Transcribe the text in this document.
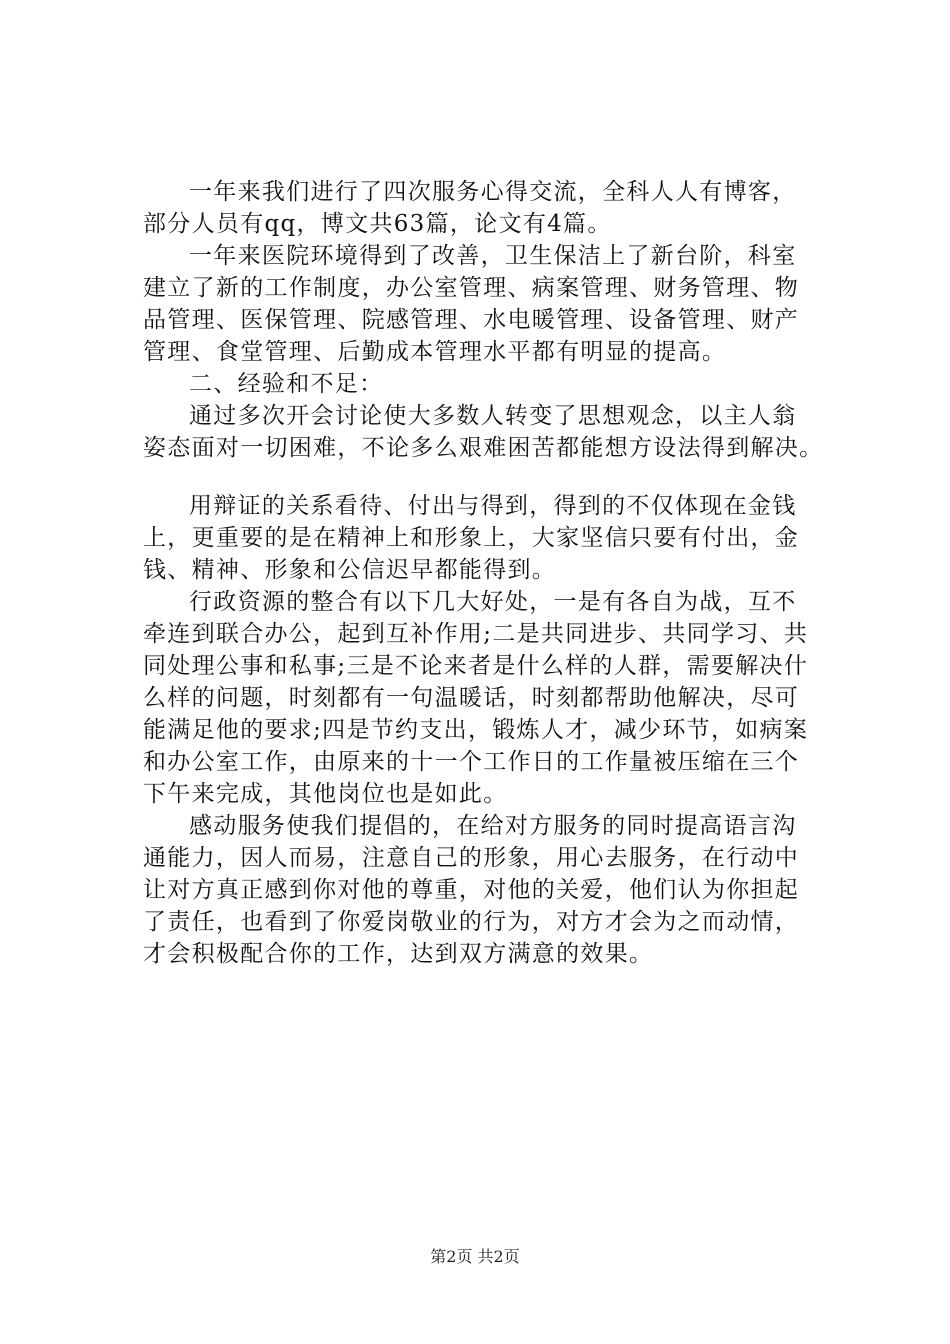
一年来我们进行了四次服务心得交流，全科人人有博客，
部分人员有qq，博文共63篇，论文有4篇。
一年来医院环境得到了改善，卫生保洁上了新台阶，科室
建立了新的工作制度，办公室管理、病案管理、财务管理、物
品管理、医保管理、院感管理、水电暖管理、设备管理、财产
管理、食堂管理、后勤成本管理水平都有明显的提高。
二、经验和不足：
通过多次开会讨论使大多数人转变了思想观念，以主人翁
姿态面对一切困难，不论多么艰难困苦都能想方设法得到解决。
用辩证的关系看待、付出与得到，得到的不仅体现在金钱
上，更重要的是在精神上和形象上，大家坚信只要有付出，金
钱、精神、形象和公信迟早都能得到。
行政资源的整合有以下几大好处，一是有各自为战，互不
牵连到联合办公，起到互补作用;二是共同进步、共同学习、共
同处理公事和私事;三是不论来者是什么样的人群，需要解决什
么样的问题，时刻都有一句温暖话，时刻都帮助他解决，尽可
能满足他的要求;四是节约支出，锻炼人才，减少环节，如病案
和办公室工作，由原来的十一个工作日的工作量被压缩在三个
下午来完成，其他岗位也是如此。
感动服务使我们提倡的，在给对方服务的同时提高语言沟
通能力，因人而易，注意自己的形象，用心去服务，在行动中
让对方真正感到你对他的尊重，对他的关爱，他们认为你担起
了责任，也看到了你爱岗敬业的行为，对方才会为之而动情，
才会积极配合你的工作，达到双方满意的效果。
第2页 共2页
